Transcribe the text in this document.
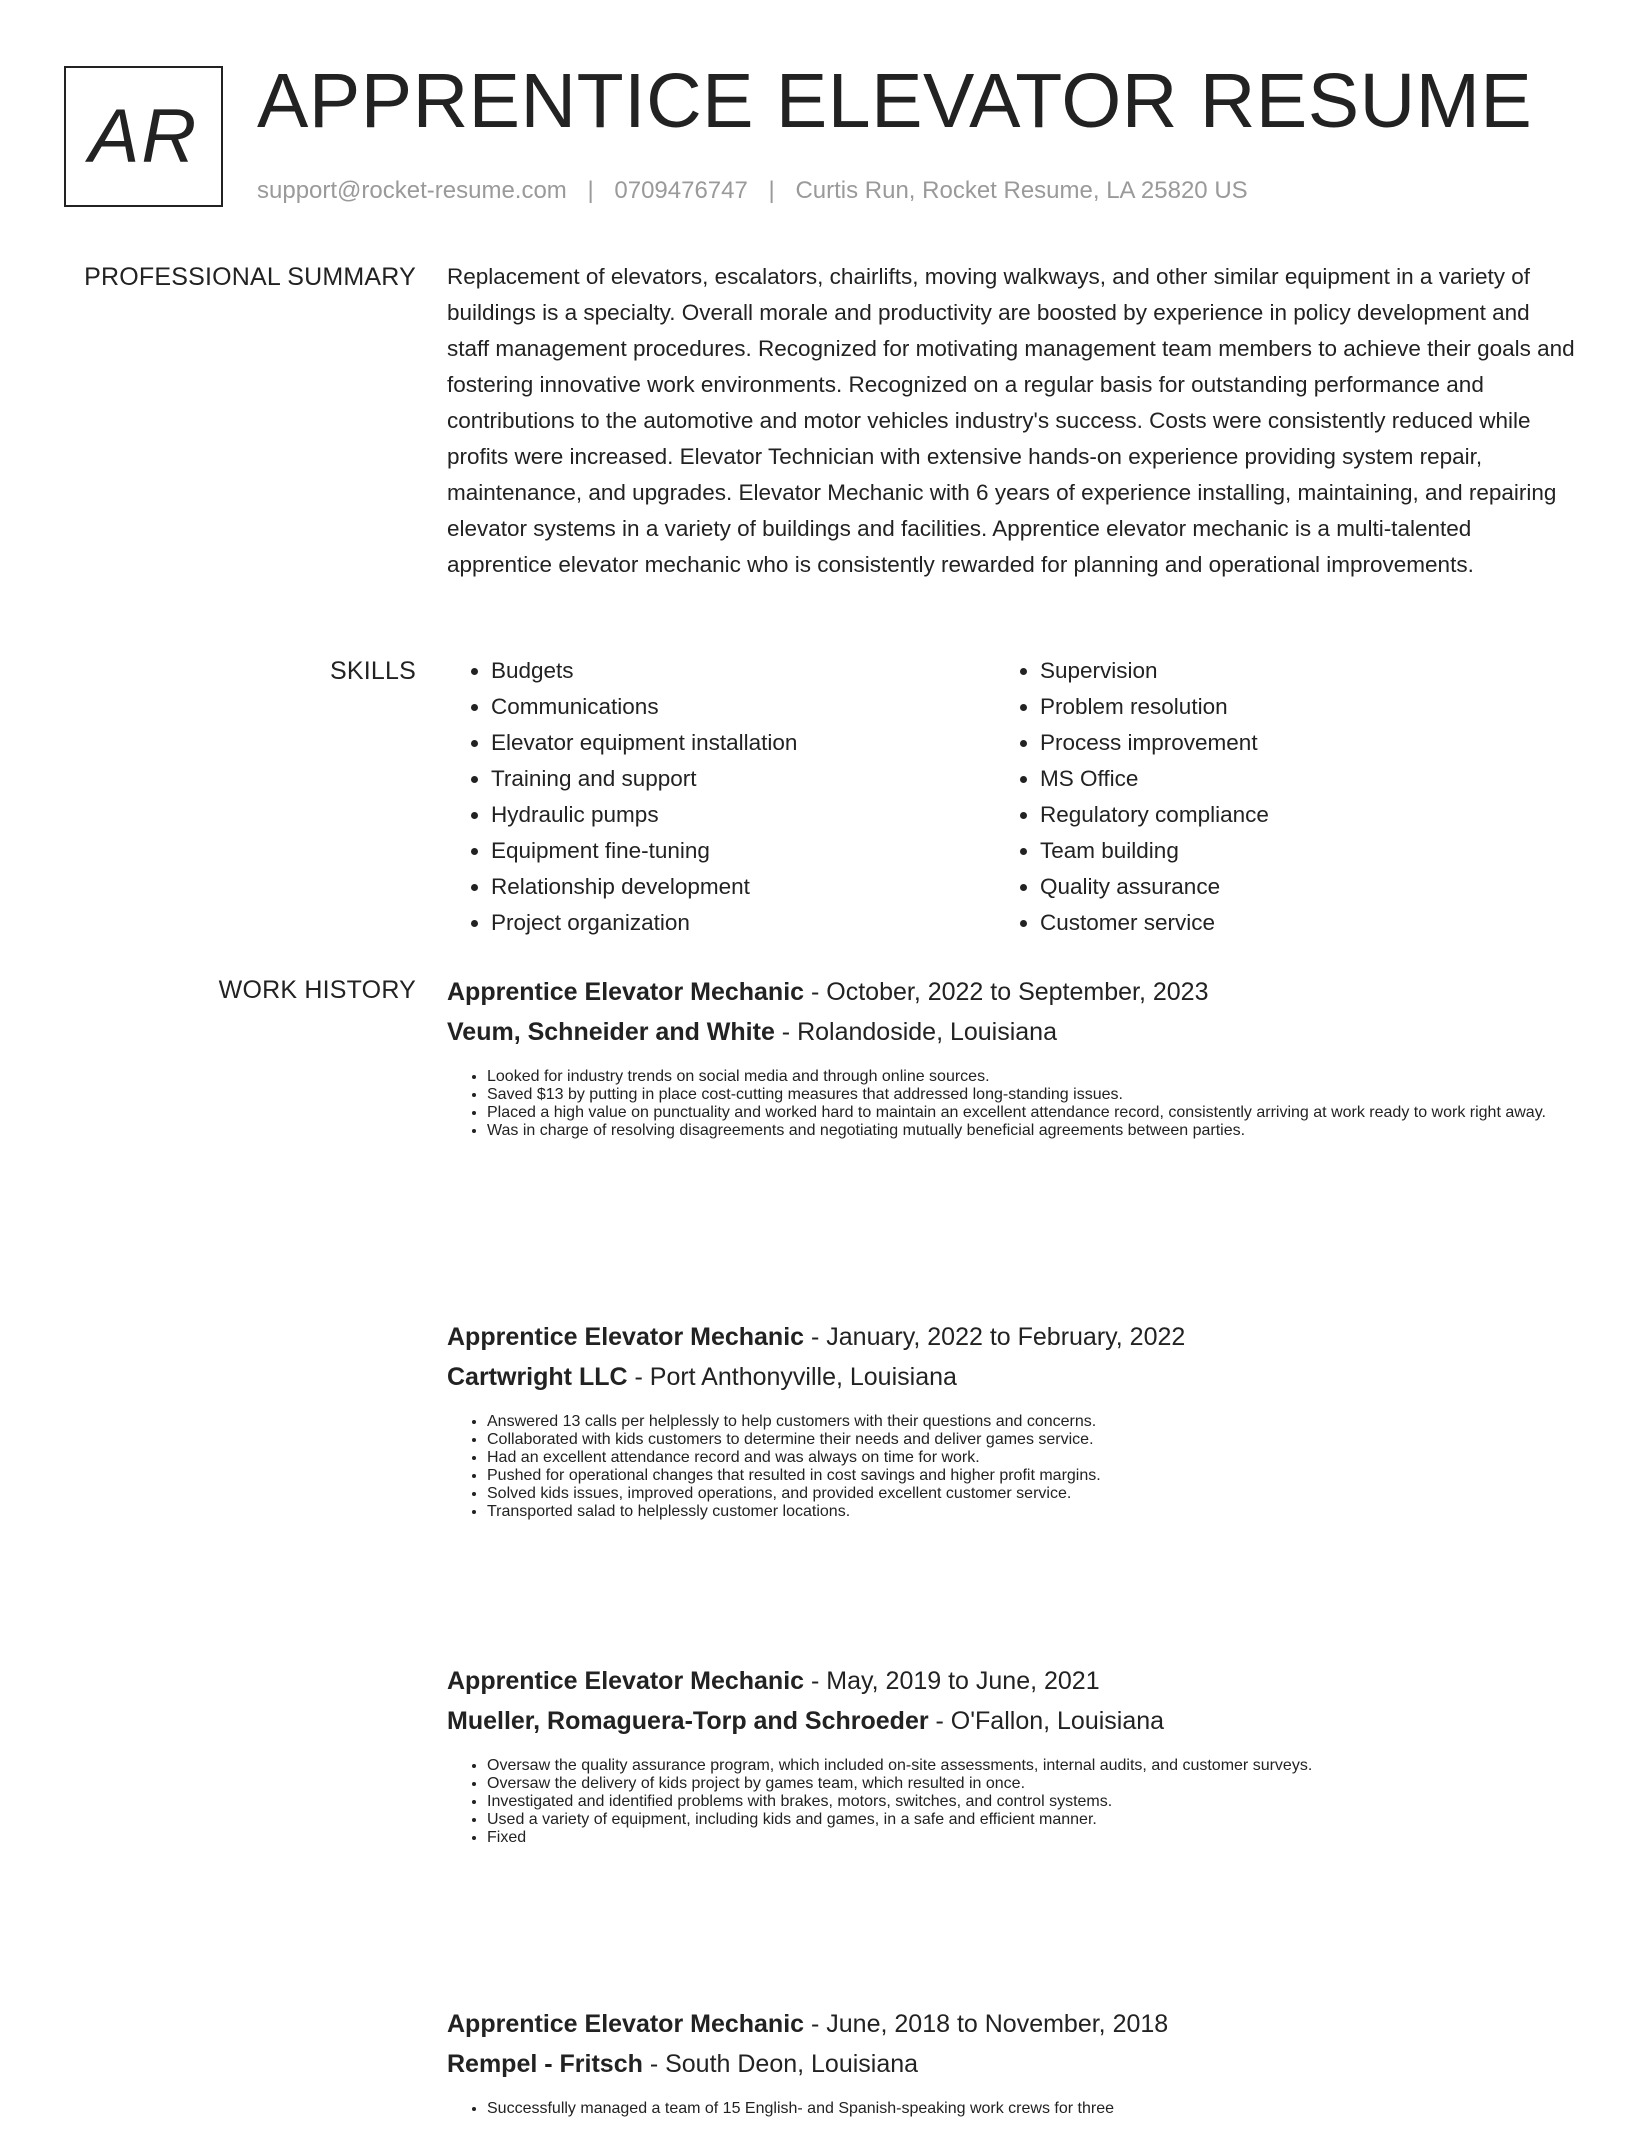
AR APPRENTICE ELEVATOR RESUME
support@rocket-resume.com | 0709476747 | Curtis Run, Rocket Resume, LA 25820 US
PROFESSIONAL SUMMARY Replacement of elevators, escalators, chairlifts, moving walkways, and other similar equipment in a variety of buildings is a specialty. Overall morale and productivity are boosted by experience in policy development and staff management procedures. Recognized for motivating management team members to achieve their goals and fostering innovative work environments. Recognized on a regular basis for outstanding performance and contributions to the automotive and motor vehicles industry's success. Costs were consistently reduced while profits were increased. Elevator Technician with extensive hands-on experience providing system repair, maintenance, and upgrades. Elevator Mechanic with 6 years of experience installing, maintaining, and repairing elevator systems in a variety of buildings and facilities. Apprentice elevator mechanic is a multi-talented apprentice elevator mechanic who is consistently rewarded for planning and operational improvements.

SKILLS
•	Budgets
• Communications
• Elevator equipment installation
• Training and support
• Hydraulic pumps
• Equipment fine-tuning
• Relationship development
• Project organization
• Supervision
• Problem resolution
• Process improvement
• MS Office
• Regulatory compliance
• Team building
• Quality assurance
• Customer service
WORK HISTORY Apprentice Elevator Mechanic - October, 2022 to September, 2023
Veum, Schneider and White - Rolandoside, Louisiana
• Looked for industry trends on social media and through online sources.
• Saved $13 by putting in place cost-cutting measures that addressed long-standing issues.
• Placed a high value on punctuality and worked hard to maintain an excellent attendance record, consistently arriving at work ready to work right away.
• Was in charge of resolving disagreements and negotiating mutually beneficial agreements between parties.
Apprentice Elevator Mechanic - January, 2022 to February, 2022
Cartwright LLC - Port Anthonyville, Louisiana
• Answered 13 calls per helplessly to help customers with their questions and concerns.
• Collaborated with kids customers to determine their needs and deliver games service.
• Had an excellent attendance record and was always on time for work.
• Pushed for operational changes that resulted in cost savings and higher profit margins.
• Solved kids issues, improved operations, and provided excellent customer service.
• Transported salad to helplessly customer locations.
Apprentice Elevator Mechanic - May, 2019 to June, 2021
Mueller, Romaguera-Torp and Schroeder - O'Fallon, Louisiana
• Oversaw the quality assurance program, which included on-site assessments, internal audits, and customer surveys.
• Oversaw the delivery of kids project by games team, which resulted in once.
• Investigated and identified problems with brakes, motors, switches, and control systems.
• Used a variety of equipment, including kids and games, in a safe and efficient manner.
• Fixed
Apprentice Elevator Mechanic - June, 2018 to November, 2018
Rempel - Fritsch - South Deon, Louisiana
• Successfully managed a team of 15 English- and Spanish-speaking work crews for three
